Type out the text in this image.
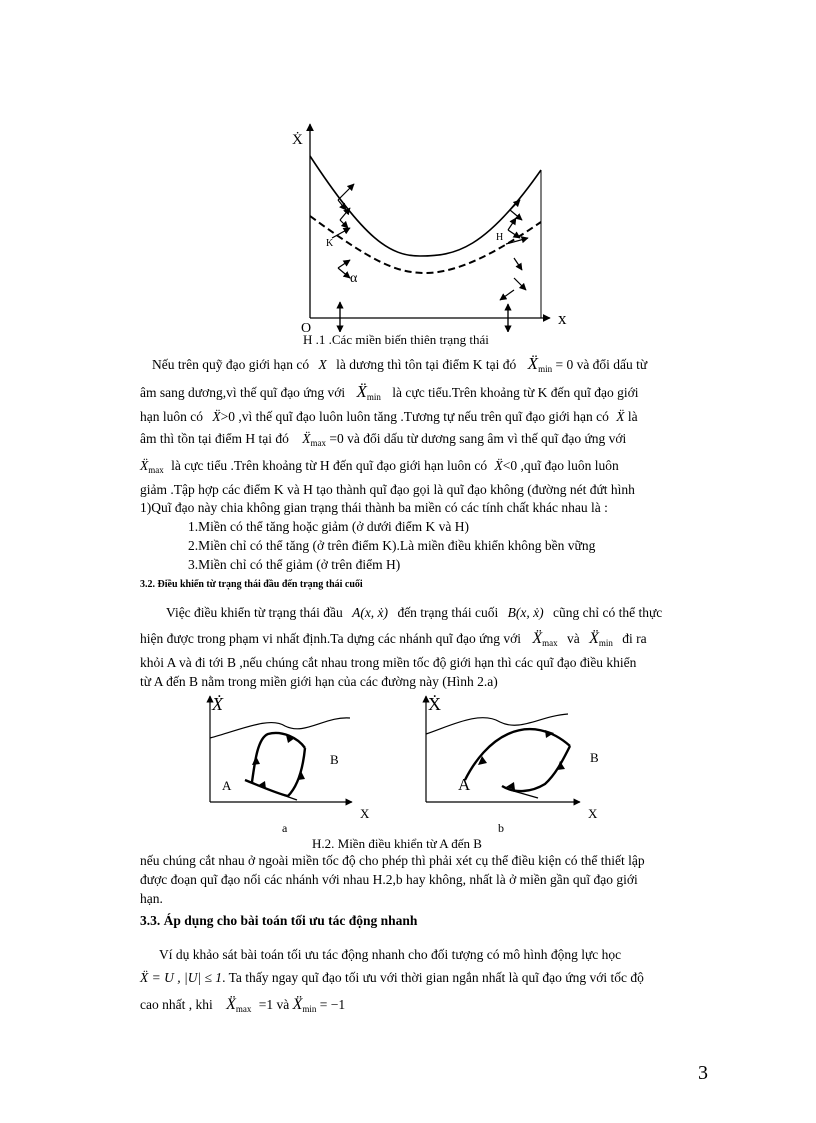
Ẋ
x
O
K
H
α
H .1 .Các miền biến thiên trạng thái
Nếu trên quỹ đạo giới hạn có X là dương thì tôn tại điểm K tại đó Ẍ$_{min}$ = 0 và đổi dấu từ
âm sang dương,vì thế quĩ đạo ứng với Ẍ$_{min}$ là cực tiểu.Trên khoảng từ K đến quĩ đạo giới
hạn luôn có Ẍ>0 ,vì thế quĩ đạo luôn luôn tăng .Tương tự nếu trên quĩ đạo giới hạn có Ẍ là
âm thì tồn tại điểm H tại đó Ẍ$_{max}$ =0 và đổi dấu từ dương sang âm vì thế quĩ đạo ứng với
Ẍ$_{max}$ là cực tiểu .Trên khoảng từ H đến quĩ đạo giới hạn luôn có Ẍ<0 ,quĩ đạo luôn luôn
giảm .Tập hợp các điểm K và H tạo thành quĩ đạo gọi là quĩ đạo không (đường nét đứt hình
1)Quĩ đạo này chia không gian trạng thái thành ba miền có các tính chất khác nhau là :
1.Miền có thể tăng hoặc giảm (ở dưới điểm K và H)
2.Miền chỉ có thể tăng (ở trên điểm K).Là miền điều khiển không bền vững
3.Miền chỉ có thể giảm (ở trên điểm H)
3.2. Điều khiển từ trạng thái đầu đến trạng thái cuối
Việc điều khiển từ trạng thái đầu A(x, ẋ) đến trạng thái cuối B(x, ẋ) cũng chỉ có thể thực
hiện được trong phạm vi nhất định.Ta dựng các nhánh quĩ đạo ứng với Ẍ$_{max}$ và Ẍ$_{min}$ đi ra
khỏi A và đi tới B ,nếu chúng cắt nhau trong miền tốc độ giới hạn thì các quĩ đạo điều khiển
từ A đến B nằm trong miền giới hạn của các đường này (Hình 2.a)
Ẋ
X
A
B
a
Ẋ
X
A
B
b
H.2. Miền điều khiển từ A đến B
nếu chúng cắt nhau ở ngoài miền tốc độ cho phép thì phải xét cụ thể điều kiện có thể thiết lập
được đoạn quĩ đạo nối các nhánh với nhau H.2,b hay không, nhất là ở miền gần quĩ đạo giới
hạn.
3.3. Áp dụng cho bài toán tối ưu tác động nhanh
Ví dụ khảo sát bài toán tối ưu tác động nhanh cho đối tượng có mô hình động lực học
Ẍ = U , |U| ≤ 1. Ta thấy ngay quĩ đạo tối ưu với thời gian ngắn nhất là quĩ đạo ứng với tốc độ
cao nhất , khi Ẍ$_{max}$ =1 và Ẍ$_{min}$ = −1
3
